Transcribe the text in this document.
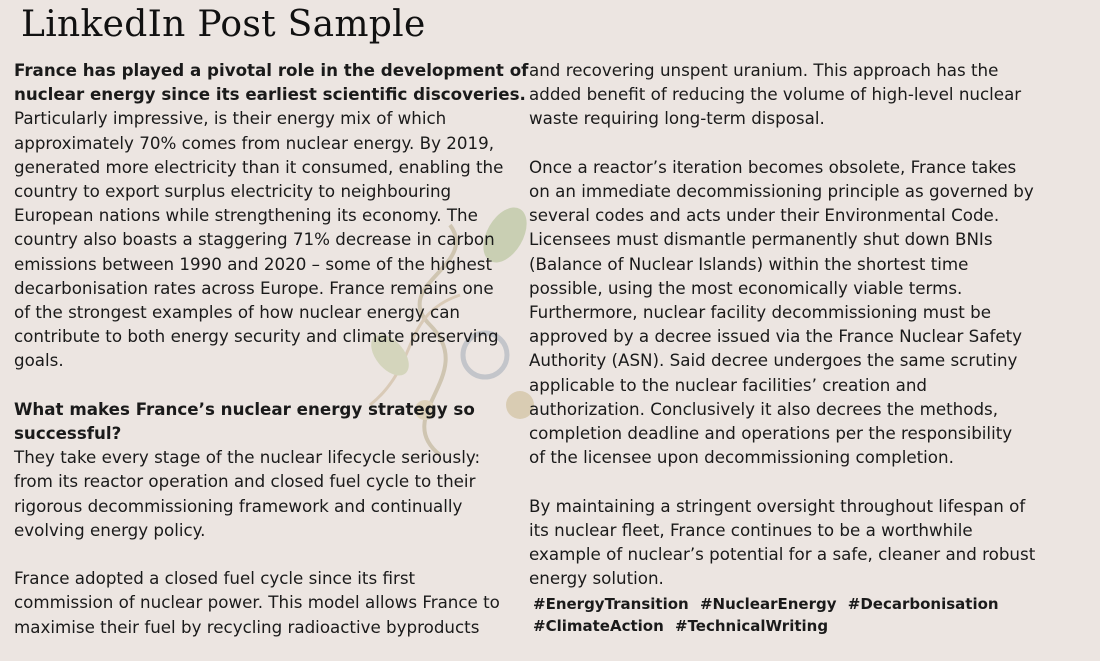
LinkedIn Post Sample
France has played a pivotal role in the development of
nuclear energy since its earliest scientific discoveries.
Particularly impressive, is their energy mix of which
approximately 70% comes from nuclear energy. By 2019,
generated more electricity than it consumed, enabling the
country to export surplus electricity to neighbouring
European nations while strengthening its economy. The
country also boasts a staggering 71% decrease in carbon
emissions between 1990 and 2020 – some of the highest
decarbonisation rates across Europe. France remains one
of the strongest examples of how nuclear energy can
contribute to both energy security and climate preserving
goals.
What makes France’s nuclear energy strategy so
successful?
They take every stage of the nuclear lifecycle seriously:
from its reactor operation and closed fuel cycle to their
rigorous decommissioning framework and continually
evolving energy policy.
France adopted a closed fuel cycle since its first
commission of nuclear power. This model allows France to
maximise their fuel by recycling radioactive byproducts
and recovering unspent uranium. This approach has the
added benefit of reducing the volume of high-level nuclear
waste requiring long-term disposal.
Once a reactor’s iteration becomes obsolete, France takes
on an immediate decommissioning principle as governed by
several codes and acts under their Environmental Code.
Licensees must dismantle permanently shut down BNIs
(Balance of Nuclear Islands) within the shortest time
possible, using the most economically viable terms.
Furthermore, nuclear facility decommissioning must be
approved by a decree issued via the France Nuclear Safety
Authority (ASN). Said decree undergoes the same scrutiny
applicable to the nuclear facilities’ creation and
authorization. Conclusively it also decrees the methods,
completion deadline and operations per the responsibility
of the licensee upon decommissioning completion.
By maintaining a stringent oversight throughout lifespan of
its nuclear fleet, France continues to be a worthwhile
example of nuclear’s potential for a safe, cleaner and robust
energy solution.
#EnergyTransition #NuclearEnergy #Decarbonisation #ClimateAction #TechnicalWriting
